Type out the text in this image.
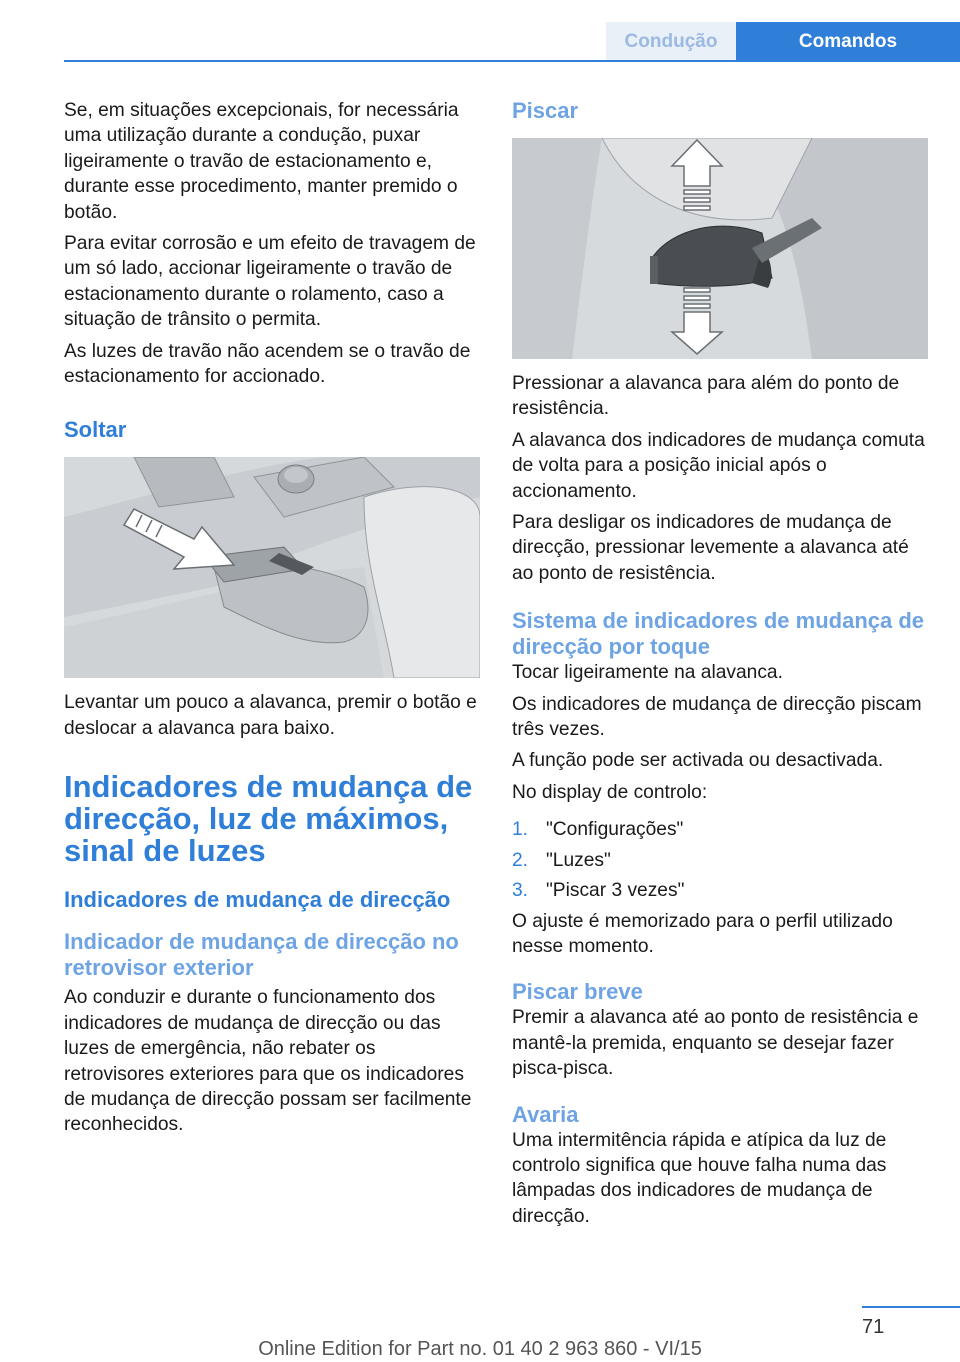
Condução	Comandos

Se, em situações excepcionais, for necessária uma utilização durante a condução, puxar ligeiramente o travão de estacionamento e, durante esse procedimento, manter premido o botão.

Para evitar corrosão e um efeito de travagem de um só lado, accionar ligeiramente o travão de estacionamento durante o rolamento, caso a situação de trânsito o permita.

As luzes de travão não acendem se o travão de estacionamento for accionado.

Soltar

Levantar um pouco a alavanca, premir o botão e deslocar a alavanca para baixo.

Indicadores de mudança de direcção, luz de máximos, sinal de luzes
Indicadores de mudança de direcção
Indicador de mudança de direcção no retrovisor exterior

Ao conduzir e durante o funcionamento dos indicadores de mudança de direcção ou das luzes de emergência, não rebater os retrovisores exteriores para que os indicadores de mudança de direcção possam ser facilmente reconhecidos.

Piscar

Pressionar a alavanca para além do ponto de resistência.

A alavanca dos indicadores de mudança comuta de volta para a posição inicial após o accionamento.

Para desligar os indicadores de mudança de direcção, pressionar levemente a alavanca até ao ponto de resistência.

Sistema de indicadores de mudança de direcção por toque

Tocar ligeiramente na alavanca.

Os indicadores de mudança de direcção piscam três vezes.

A função pode ser activada ou desactivada.

No display de controlo:

1. "Configurações"
2. "Luzes"
3. "Piscar 3 vezes"

O ajuste é memorizado para o perfil utilizado nesse momento.

Piscar breve

Premir a alavanca até ao ponto de resistência e mantê-la premida, enquanto se desejar fazer pisca-pisca.

Avaria

Uma intermitência rápida e atípica da luz de controlo significa que houve falha numa das lâmpadas dos indicadores de mudança de direcção.

71
Online Edition for Part no. 01 40 2 963 860 - VI/15
